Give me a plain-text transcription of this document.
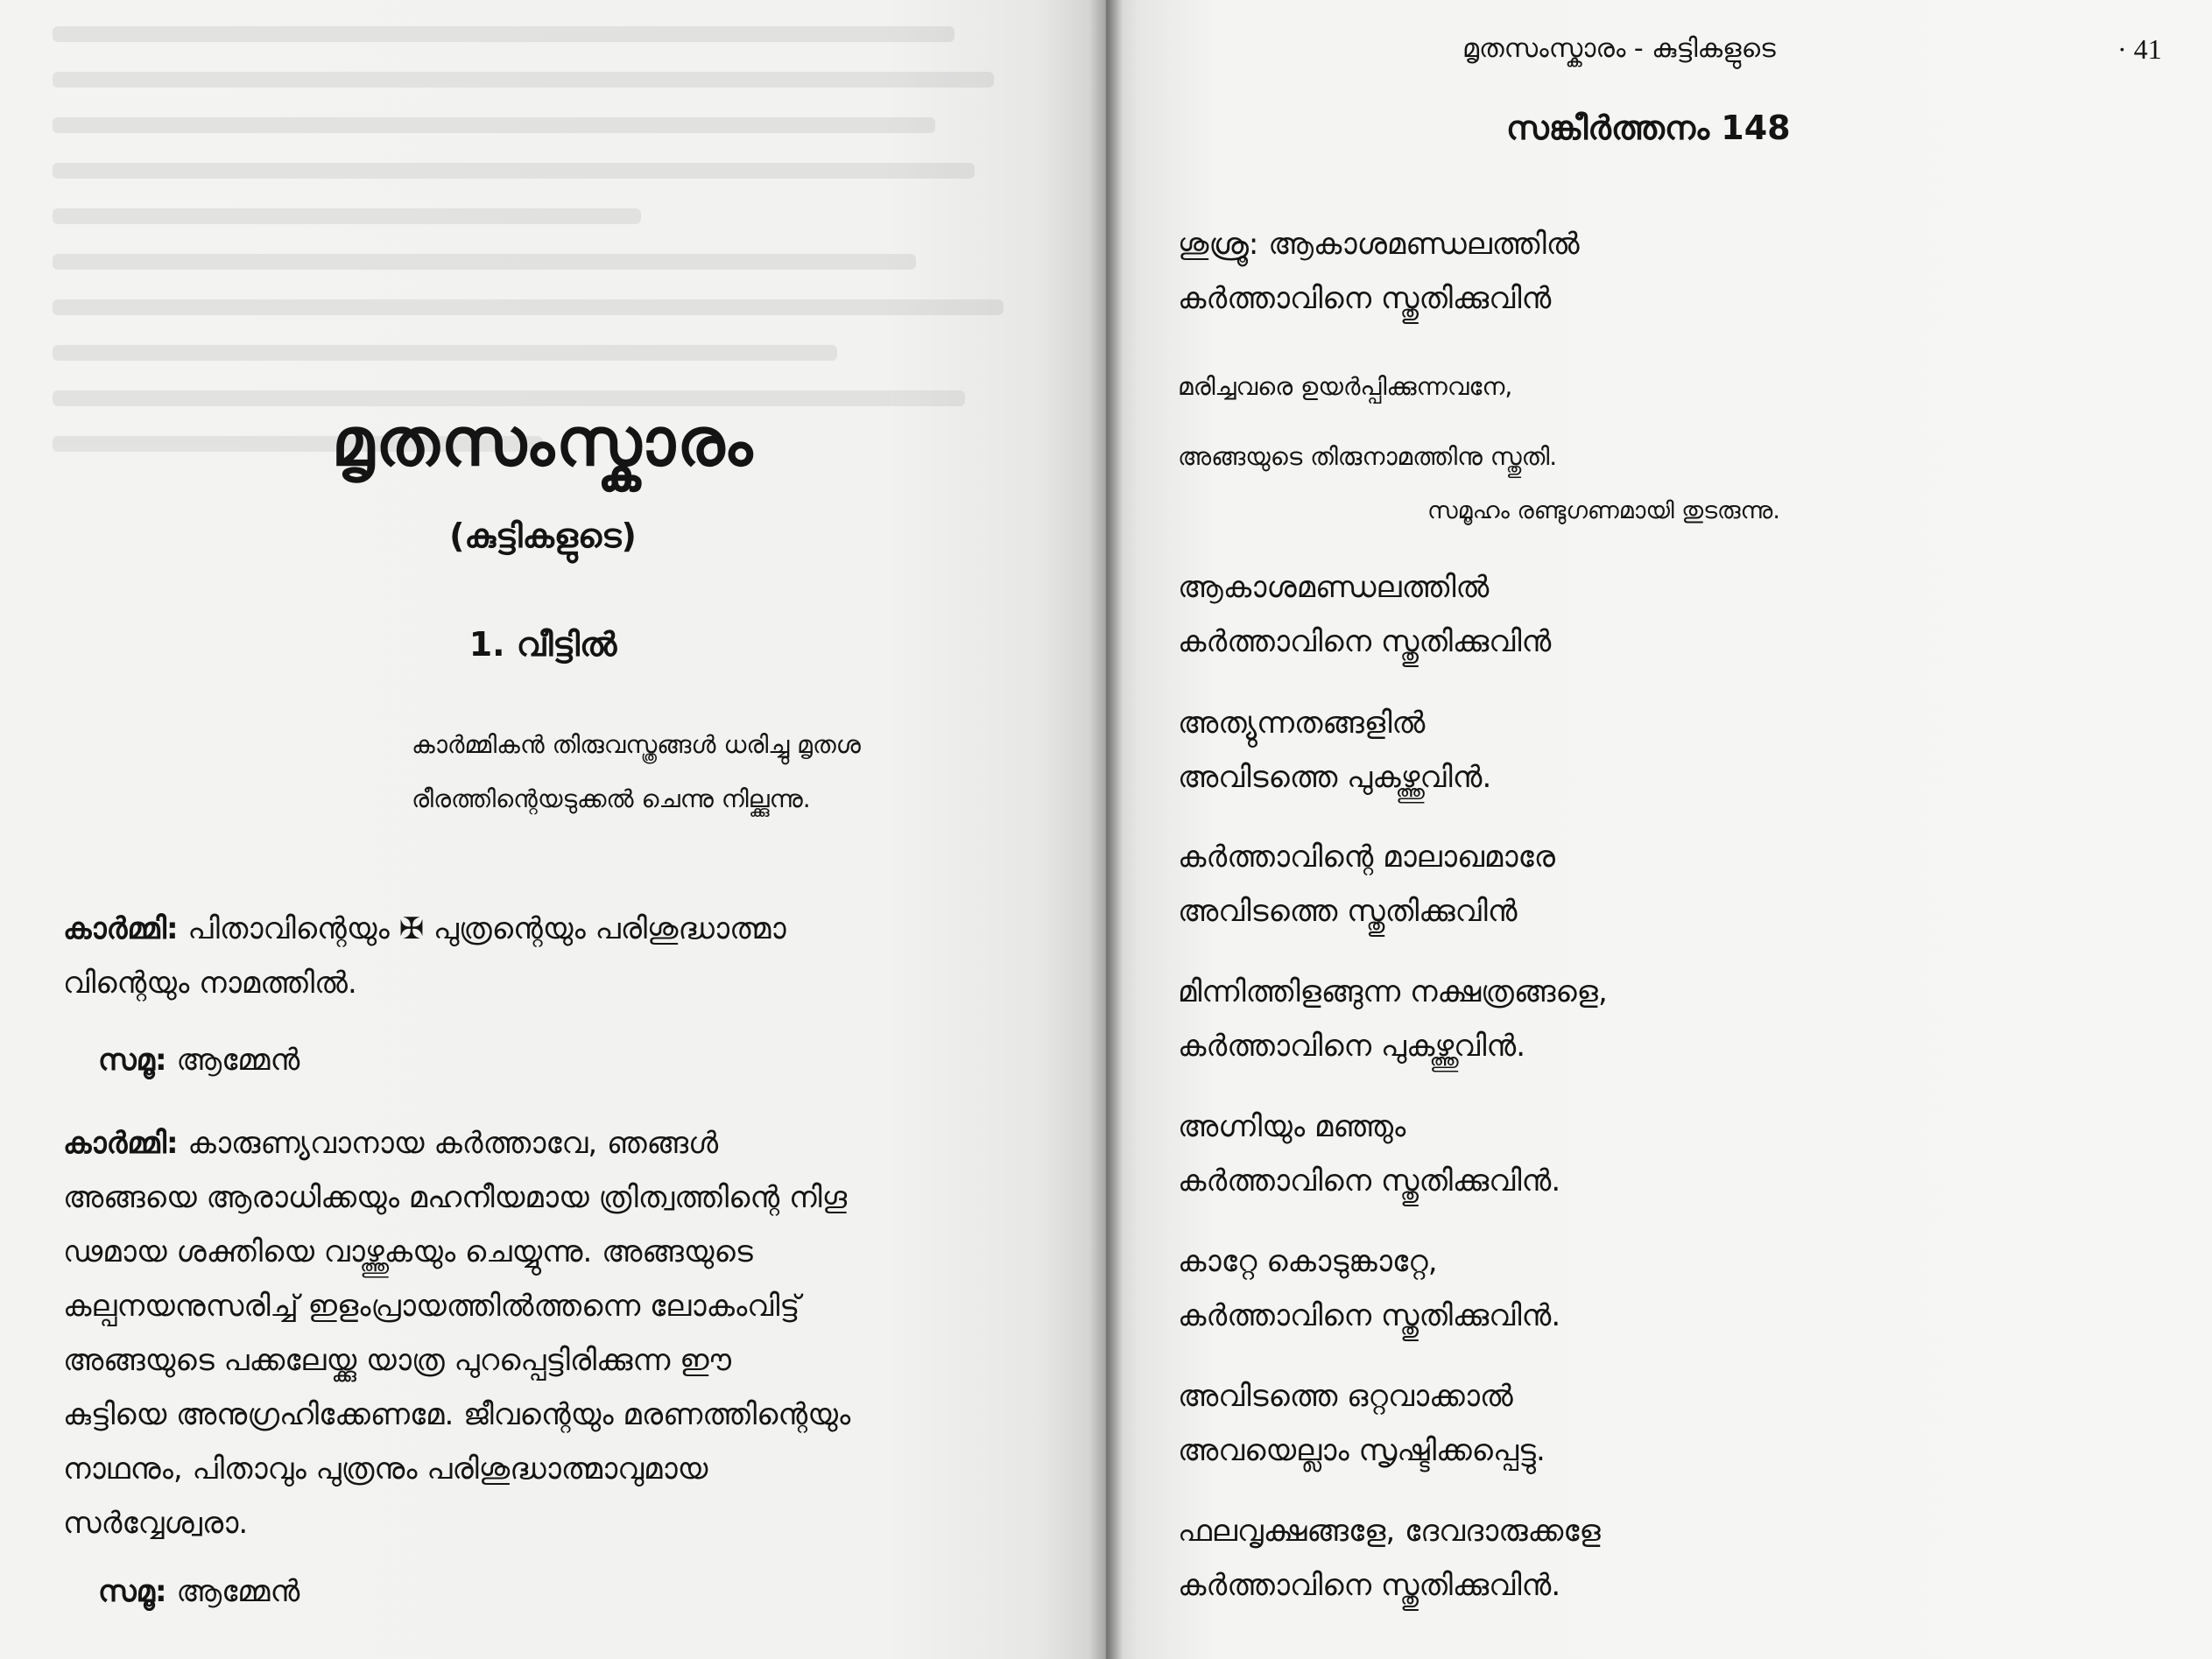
മൃതസംസ്കാരം
(കുട്ടികളുടെ)
1. വീട്ടിൽ
കാർമ്മികൻ തിരുവസ്ത്രങ്ങൾ ധരിച്ചു മൃതശ
രീരത്തിന്റെയടുക്കൽ ചെന്നു നില്ക്കുന്നു.
കാർമ്മി: പിതാവിന്റെയും ✠ പുത്രന്റെയും പരിശുദ്ധാത്മാ
വിന്റെയും നാമത്തിൽ.
സമൂ: ആമ്മേൻ
കാർമ്മി: കാരുണ്യവാനായ കർത്താവേ, ഞങ്ങൾ
അങ്ങയെ ആരാധിക്കയും മഹനീയമായ ത്രിത്വത്തിന്റെ നിഗൂ
ഢമായ ശക്തിയെ വാഴ്ത്തുകയും ചെയ്യുന്നു. അങ്ങയുടെ
കല്പനയനുസരിച്ച് ഇളംപ്രായത്തിൽത്തന്നെ ലോകംവിട്ട്
അങ്ങയുടെ പക്കലേയ്ക്കു യാത്ര പുറപ്പെട്ടിരിക്കുന്ന ഈ
കുട്ടിയെ അനുഗ്രഹിക്കേണമേ. ജീവന്റെയും മരണത്തിന്റെയും
നാഥനും, പിതാവും പുത്രനും പരിശുദ്ധാത്മാവുമായ
സർവ്വേശ്വരാ.
സമൂ: ആമ്മേൻ
മൃതസംസ്കാരം - കുട്ടികളുടെ	· 41
സങ്കീർത്തനം 148
ശുശ്രൂ: ആകാശമണ്ഡലത്തിൽ
കർത്താവിനെ സ്തുതിക്കുവിൻ
മരിച്ചവരെ ഉയർപ്പിക്കുന്നവനേ,
അങ്ങയുടെ തിരുനാമത്തിനു സ്തുതി.
സമൂഹം രണ്ടുഗണമായി തുടരുന്നു.
ആകാശമണ്ഡലത്തിൽ
കർത്താവിനെ സ്തുതിക്കുവിൻ
അത്യുന്നതങ്ങളിൽ
അവിടത്തെ പുകഴ്ത്തുവിൻ.
കർത്താവിന്റെ മാലാഖമാരേ
അവിടത്തെ സ്തുതിക്കുവിൻ
മിന്നിത്തിളങ്ങുന്ന നക്ഷത്രങ്ങളെ,
കർത്താവിനെ പുകഴ്ത്തുവിൻ.
അഗ്നിയും മഞ്ഞും
കർത്താവിനെ സ്തുതിക്കുവിൻ.
കാറ്റേ കൊടുങ്കാറ്റേ,
കർത്താവിനെ സ്തുതിക്കുവിൻ.
അവിടത്തെ ഒറ്റവാക്കാൽ
അവയെല്ലാം സൃഷ്ടിക്കപ്പെട്ടു.
ഫലവൃക്ഷങ്ങളേ, ദേവദാരുക്കളേ
കർത്താവിനെ സ്തുതിക്കുവിൻ.
